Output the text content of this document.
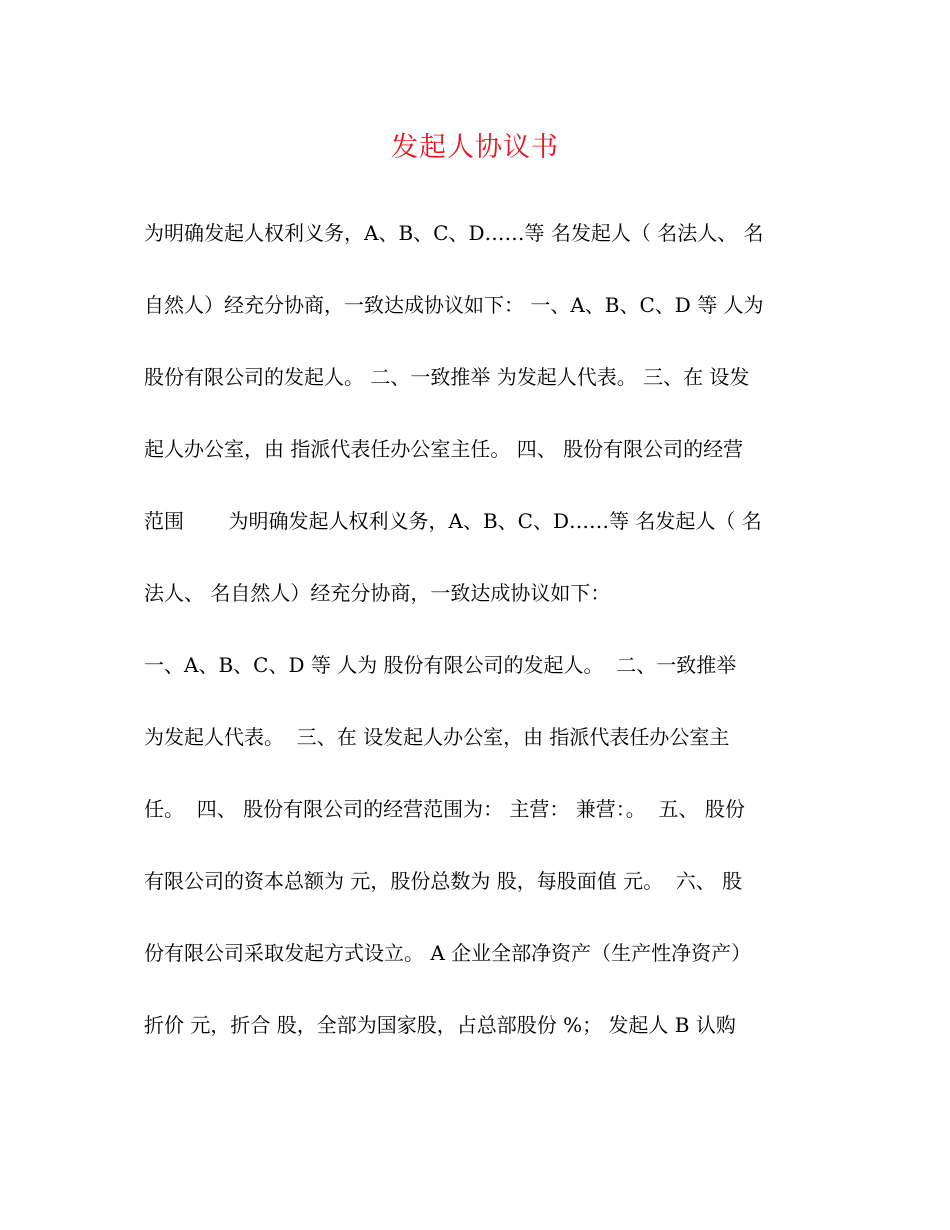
发起人协议书
为明确发起人权利义务，A、B、C、D……等 名发起人（ 名法人、 名
自然人）经充分协商，一致达成协议如下： 一、A、B、C、D 等 人为
股份有限公司的发起人。 二、一致推举 为发起人代表。 三、在 设发
起人办公室，由 指派代表任办公室主任。 四、 股份有限公司的经营
范围       为明确发起人权利义务，A、B、C、D……等 名发起人（ 名
法人、 名自然人）经充分协商，一致达成协议如下：
一、A、B、C、D 等 人为 股份有限公司的发起人。  二、一致推举
为发起人代表。  三、在 设发起人办公室，由 指派代表任办公室主
任。  四、 股份有限公司的经营范围为： 主营： 兼营：。  五、 股份
有限公司的资本总额为 元，股份总数为 股，每股面值 元。  六、 股
份有限公司采取发起方式设立。 A 企业全部净资产（生产性净资产）
折价 元，折合 股，全部为国家股，占总部股份 %； 发起人 B 认购
